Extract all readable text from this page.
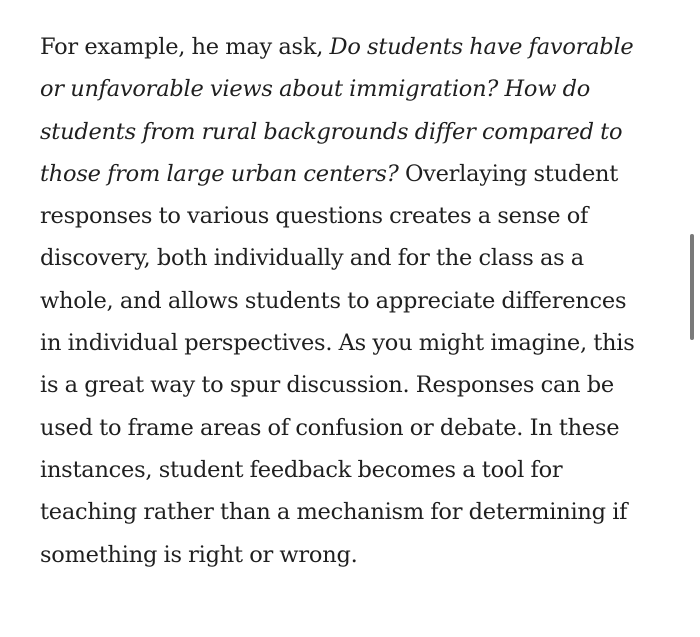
For example, he may ask, Do students have favorable
or unfavorable views about immigration? How do
students from rural backgrounds differ compared to
those from large urban centers? Overlaying student
responses to various questions creates a sense of
discovery, both individually and for the class as a
whole, and allows students to appreciate differences
in individual perspectives. As you might imagine, this
is a great way to spur discussion. Responses can be
used to frame areas of confusion or debate. In these
instances, student feedback becomes a tool for
teaching rather than a mechanism for determining if
something is right or wrong.
